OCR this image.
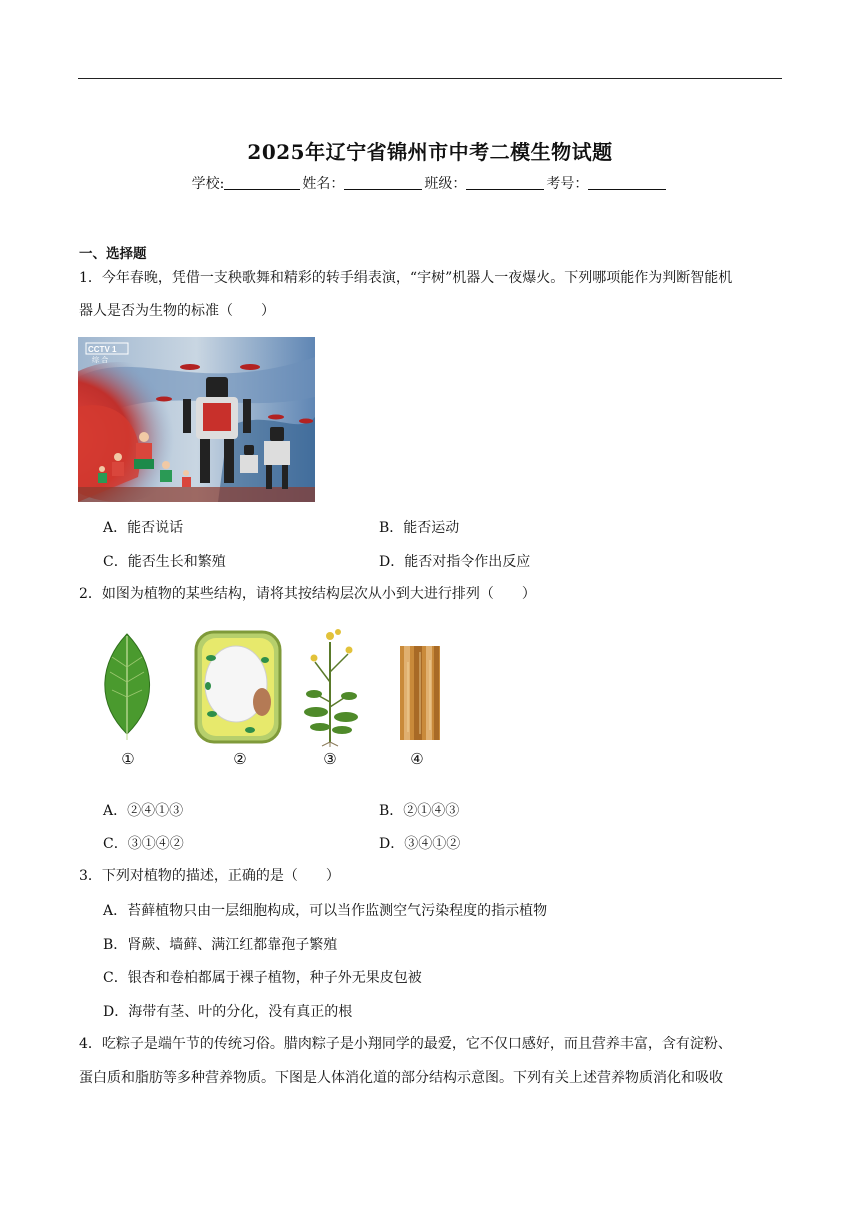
2025年辽宁省锦州市中考二模生物试题
学校:	姓名：	班级：	考号：
一、选择题
1．今年春晚，凭借一支秧歌舞和精彩的转手绢表演，“宇树”机器人一夜爆火。下列哪项能作为判断智能机
器人是否为生物的标准（　　）
CCTV 1
综 合
A．能否说话	B．能否运动
C．能否生长和繁殖	D．能否对指令作出反应
2．如图为植物的某些结构，请将其按结构层次从小到大进行排列（　　）
①	②	③	④
A．②④①③	B．②①④③
C．③①④②	D．③④①②
3．下列对植物的描述，正确的是（　　）
A．苔藓植物只由一层细胞构成，可以当作监测空气污染程度的指示植物
B．肾蕨、墙藓、满江红都靠孢子繁殖
C．银杏和卷柏都属于裸子植物，种子外无果皮包被
D．海带有茎、叶的分化，没有真正的根
4．吃粽子是端午节的传统习俗。腊肉粽子是小翔同学的最爱，它不仅口感好，而且营养丰富，含有淀粉、
蛋白质和脂肪等多种营养物质。下图是人体消化道的部分结构示意图。下列有关上述营养物质消化和吸收
